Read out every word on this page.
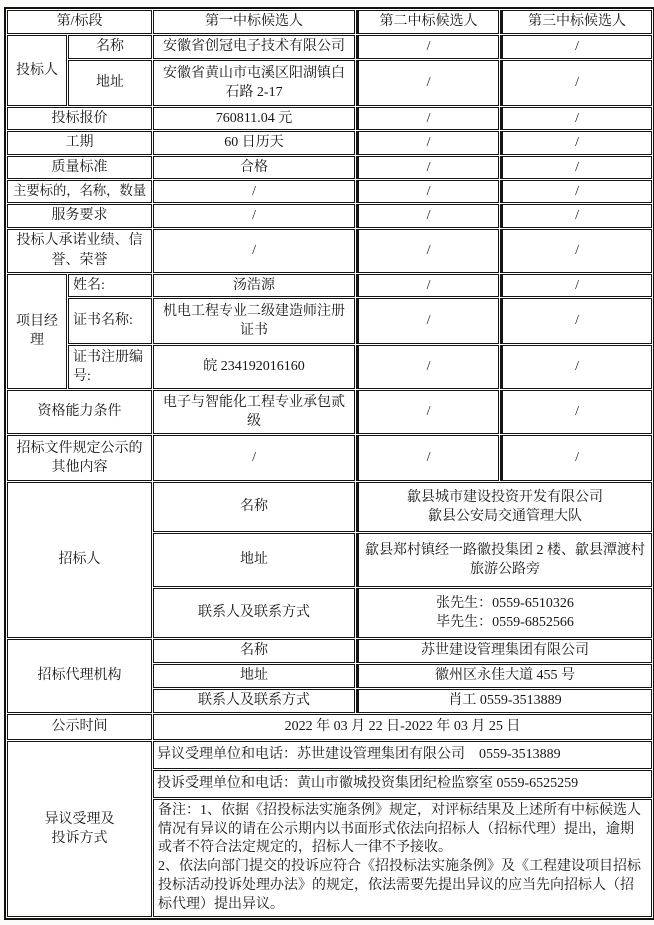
第/标段		第一中标候选人	第二中标候选人	第三中标候选人
投标人	名称	安徽省创冠电子技术有限公司	/	/
	地址	安徽省黄山市屯溪区阳湖镇白石路 2-17	/	/
投标报价		760811.04 元	/	/
工期		60 日历天	/	/
质量标准		合格	/	/
主要标的，名称，数量		/	/	/
服务要求		/	/	/
投标人承诺业绩、信誉、荣誉		/	/	/
项目经理	姓名:	汤浩源	/	/
	证书名称:	机电工程专业二级建造师注册证书	/	/
	证书注册编号:	皖 234192016160	/	/
资格能力条件		电子与智能化工程专业承包贰级	/	/
招标文件规定公示的其他内容		/	/	/
招标人		名称	歙县城市建设投资开发有限公司
歙县公安局交通管理大队	
		地址	歙县郑村镇经一路徽投集团 2 楼、歙县潭渡村旅游公路旁	
		联系人及联系方式	张先生：0559-6510326
毕先生：0559-6852566	
招标代理机构		名称	苏世建设管理集团有限公司	
		地址	徽州区永佳大道 455 号	
		联系人及联系方式	肖工 0559-3513889	
公示时间		2022 年 03 月 22 日-2022 年 03 月 25 日		
异议受理及
投诉方式		异议受理单位和电话：苏世建设管理集团有限公司　0559-3513889		
		投诉受理单位和电话：黄山市徽城投资集团纪检监察室 0559-6525259		
		备注：1、依据《招投标法实施条例》规定，对评标结果及上述所有中标候选人情况有异议的请在公示期内以书面形式依法向招标人（招标代理）提出，逾期或者不符合法定规定的，招标人一律不予接收。
2、依法向部门提交的投诉应符合《招投标法实施条例》及《工程建设项目招标投标活动投诉处理办法》的规定，依法需要先提出异议的应当先向招标人（招标代理）提出异议。		
